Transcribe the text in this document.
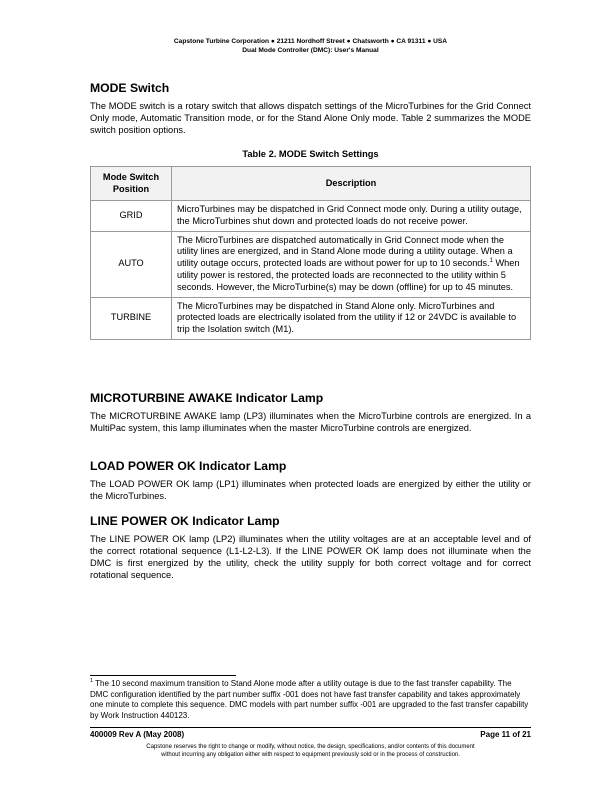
Capstone Turbine Corporation ● 21211 Nordhoff Street ● Chatsworth ● CA 91311 ● USA
Dual Mode Controller (DMC): User's Manual
MODE Switch

The MODE switch is a rotary switch that allows dispatch settings of the MicroTurbines for the Grid Connect Only mode, Automatic Transition mode, or for the Stand Alone Only mode. Table 2 summarizes the MODE switch position options.

Table 2. MODE Switch Settings
Mode Switch
Position	Description
GRID	MicroTurbines may be dispatched in Grid Connect mode only. During a utility outage, the MicroTurbines shut down and protected loads do not receive power.
AUTO	The MicroTurbines are dispatched automatically in Grid Connect mode when the utility lines are energized, and in Stand Alone mode during a utility outage. When a utility outage occurs, protected loads are without power for up to 10 seconds.$^1$ When utility power is restored, the protected loads are reconnected to the utility within 5 seconds. However, the MicroTurbine(s) may be down (offline) for up to 45 minutes.
TURBINE	The MicroTurbines may be dispatched in Stand Alone only. MicroTurbines and protected loads are electrically isolated from the utility if 12 or 24VDC is available to trip the Isolation switch (M1).
MICROTURBINE AWAKE Indicator Lamp

The MICROTURBINE AWAKE lamp (LP3) illuminates when the MicroTurbine controls are energized. In a MultiPac system, this lamp illuminates when the master MicroTurbine controls are energized.

LOAD POWER OK Indicator Lamp

The LOAD POWER OK lamp (LP1) illuminates when protected loads are energized by either the utility or the MicroTurbines.

LINE POWER OK Indicator Lamp

The LINE POWER OK lamp (LP2) illuminates when the utility voltages are at an acceptable level and of the correct rotational sequence (L1-L2-L3). If the LINE POWER OK lamp does not illuminate when the DMC is first energized by the utility, check the utility supply for both correct voltage and for correct rotational sequence.

$^1$ The 10 second maximum transition to Stand Alone mode after a utility outage is due to the fast transfer capability. The DMC configuration identified by the part number suffix -001 does not have fast transfer capability and takes approximately one minute to complete this sequence. DMC models with part number suffix -001 are upgraded to the fast transfer capability by Work Instruction 440123.
400009 Rev A (May 2008)	Page 11 of 21
Capstone reserves the right to change or modify, without notice, the design, specifications, and/or contents of this document
without incurring any obligation either with respect to equipment previously sold or in the process of construction.
